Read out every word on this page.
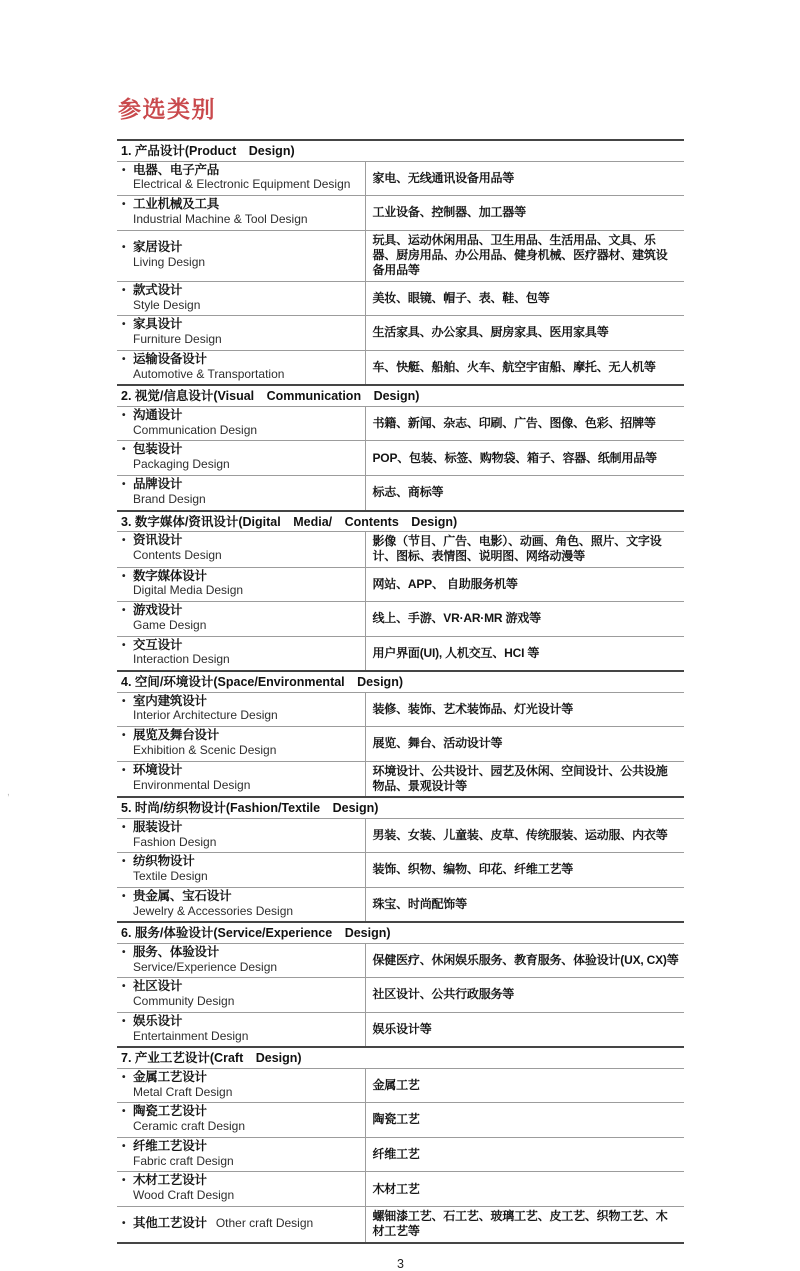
参选类别
1. 产品设计(Product　Design)	

• 电器、电子产品
Electrical & Electronic Equipment Design	家电、无线通讯设备用品等

• 工业机械及工具
Industrial Machine & Tool Design	工业设备、控制器、加工器等

• 家居设计
Living Design	玩具、运动休闲用品、卫生用品、生活用品、文具、乐器、厨房用品、办公用品、健身机械、医疗器材、建筑设备用品等

• 款式设计
Style Design	美妆、眼镜、帽子、表、鞋、包等

• 家具设计
Furniture Design	生活家具、办公家具、厨房家具、医用家具等

• 运输设备设计
Automotive & Transportation	车、快艇、船舶、火车、航空宇宙船、摩托、无人机等
2. 视觉/信息设计(Visual　Communication　Design)	

• 沟通设计
Communication Design	书籍、新闻、杂志、印刷、广告、图像、色彩、招牌等

• 包装设计
Packaging Design	POP、包装、标签、购物袋、箱子、容器、纸制用品等

• 品牌设计
Brand Design	标志、商标等
3. 数字媒体/资讯设计(Digital　Media/　Contents　Design)	

• 资讯设计
Contents Design	影像（节目、广告、电影）、动画、角色、照片、文字设计、图标、表情图、说明图、网络动漫等

• 数字媒体设计
Digital Media Design	网站、APP、 自助服务机等

• 游戏设计
Game Design	线上、手游、VR·AR·MR 游戏等

• 交互设计
Interaction Design	用户界面(UI), 人机交互、HCI 等
4. 空间/环境设计(Space/Environmental　Design)	

• 室内建筑设计
Interior Architecture Design	装修、装饰、艺术装饰品、灯光设计等

• 展览及舞台设计
Exhibition & Scenic Design	展览、舞台、活动设计等

• 环境设计
Environmental Design	环境设计、公共设计、园艺及休闲、空间设计、公共设施物品、景观设计等
5. 时尚/纺织物设计(Fashion/Textile　Design)	

• 服装设计
Fashion Design	男装、女装、儿童装、皮草、传统服装、运动服、内衣等

• 纺织物设计
Textile Design	装饰、织物、编物、印花、纤维工艺等

• 贵金属、宝石设计
Jewelry & Accessories Design	珠宝、时尚配饰等
6. 服务/体验设计(Service/Experience　Design)	

• 服务、体验设计
Service/Experience Design	保健医疗、休闲娱乐服务、教育服务、体验设计(UX, CX)等

• 社区设计
Community Design	社区设计、公共行政服务等

• 娱乐设计
Entertainment Design	娱乐设计等
7. 产业工艺设计(Craft　Design)	

• 金属工艺设计
Metal Craft Design	金属工艺

• 陶瓷工艺设计
Ceramic craft Design	陶瓷工艺

• 纤维工艺设计
Fabric craft Design	纤维工艺

• 木材工艺设计
Wood Craft Design	木材工艺

• 其他工艺设计 Other craft Design	螺钿漆工艺、石工艺、玻璃工艺、皮工艺、织物工艺、木材工艺等
3
,
